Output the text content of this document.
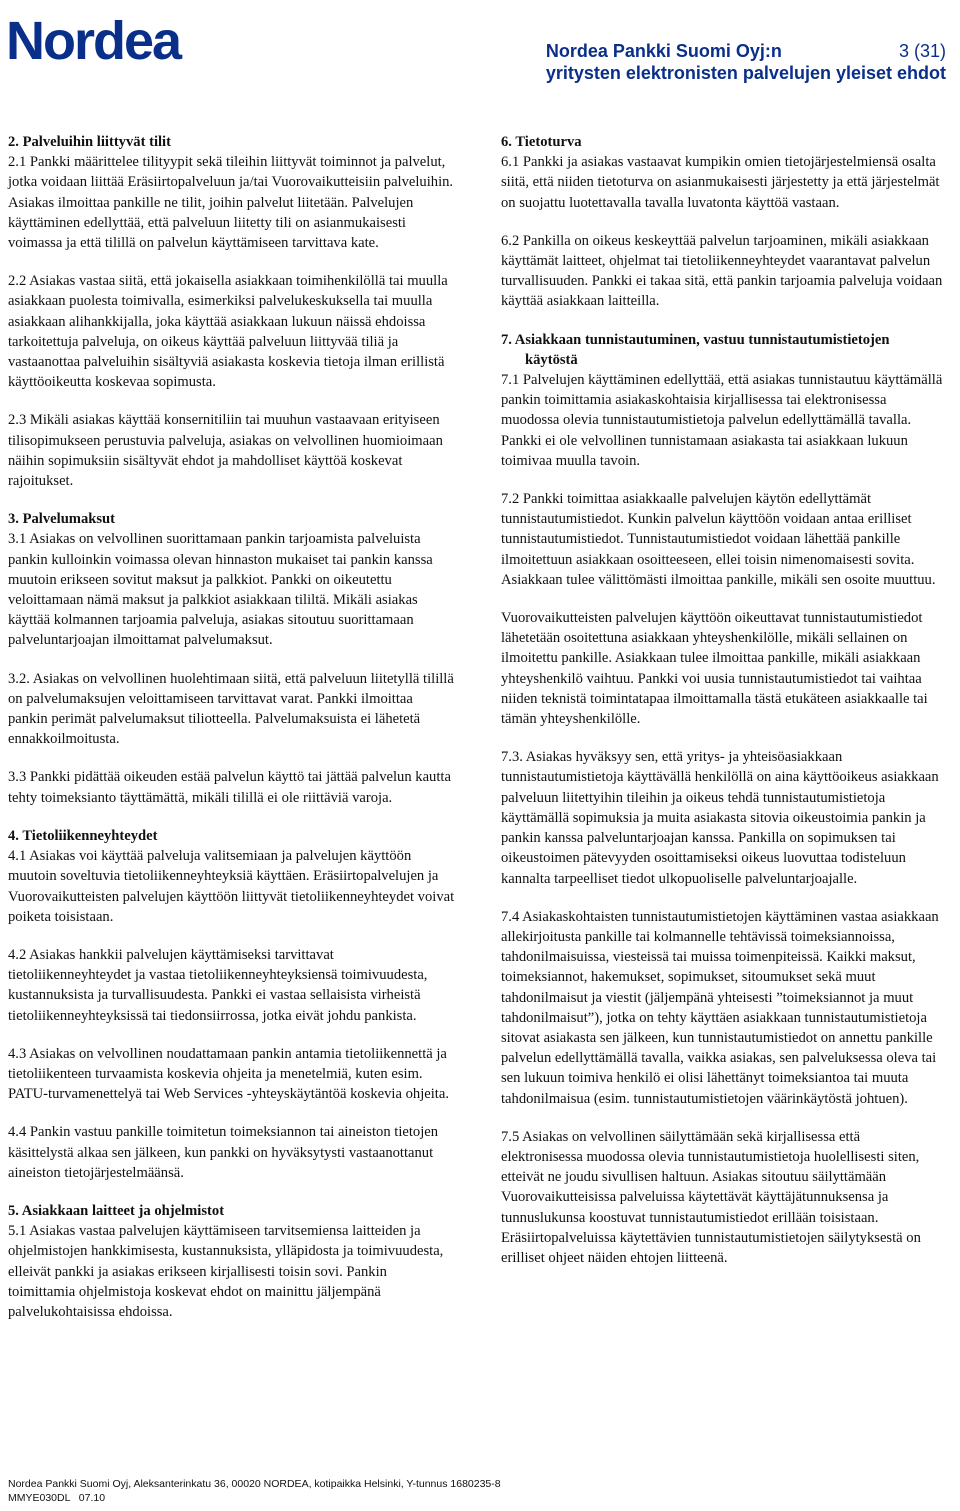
Nordea	Nordea Pankki Suomi Oyj:n	3 (31)
yritysten elektronisten palvelujen yleiset ehdot
2. Palveluihin liittyvät tilit

2.1 Pankki määrittelee tilityypit sekä tileihin liittyvät toiminnot ja palvelut, jotka voidaan liittää Eräsiirtopalveluun ja/tai Vuorovaikutteisiin palveluihin. Asiakas ilmoittaa pankille ne tilit, joihin palvelut liitetään. Palvelujen käyttäminen edellyttää, että palveluun liitetty tili on asianmukaisesti voimassa ja että tilillä on palvelun käyttämiseen tarvittava kate.

2.2 Asiakas vastaa siitä, että jokaisella asiakkaan toimihenkilöllä tai muulla asiakkaan puolesta toimivalla, esimerkiksi palvelukeskuksella tai muulla asiakkaan alihankkijalla, joka käyttää asiakkaan lukuun näissä ehdoissa tarkoitettuja palveluja, on oikeus käyttää palveluun liittyvää tiliä ja vastaanottaa palveluihin sisältyviä asiakasta koskevia tietoja ilman erillistä käyttöoikeutta koskevaa sopimusta.

2.3 Mikäli asiakas käyttää konsernitiliin tai muuhun vastaavaan erityiseen tilisopimukseen perustuvia palveluja, asiakas on velvollinen huomioimaan näihin sopimuksiin sisältyvät ehdot ja mahdolliset käyttöä koskevat rajoitukset.

3. Palvelumaksut

3.1 Asiakas on velvollinen suorittamaan pankin tarjoamista palveluista pankin kulloinkin voimassa olevan hinnaston mukaiset tai pankin kanssa muutoin erikseen sovitut maksut ja palkkiot. Pankki on oikeutettu veloittamaan nämä maksut ja palkkiot asiakkaan tililtä. Mikäli asiakas käyttää kolmannen tarjoamia palveluja, asiakas sitoutuu suorittamaan palveluntarjoajan ilmoittamat palvelumaksut.

3.2. Asiakas on velvollinen huolehtimaan siitä, että palveluun liitetyllä tilillä on palvelumaksujen veloittamiseen tarvittavat varat. Pankki ilmoittaa pankin perimät palvelumaksut tiliotteella. Palvelumaksuista ei lähetetä ennakkoilmoitusta.

3.3 Pankki pidättää oikeuden estää palvelun käyttö tai jättää palvelun kautta tehty toimeksianto täyttämättä, mikäli tilillä ei ole riittäviä varoja.

4. Tietoliikenneyhteydet

4.1 Asiakas voi käyttää palveluja valitsemiaan ja palvelujen käyttöön muutoin soveltuvia tietoliikenneyhteyksiä käyttäen. Eräsiirtopalvelujen ja Vuorovaikutteisten palvelujen käyttöön liittyvät tietoliikenneyhteydet voivat poiketa toisistaan.

4.2 Asiakas hankkii palvelujen käyttämiseksi tarvittavat tietoliikenneyhteydet ja vastaa tietoliikenneyhteyksiensä toimivuudesta, kustannuksista ja turvallisuudesta. Pankki ei vastaa sellaisista virheistä tietoliikenneyhteyksissä tai tiedonsiirrossa, jotka eivät johdu pankista.

4.3 Asiakas on velvollinen noudattamaan pankin antamia tietoliikennettä ja tietoliikenteen turvaamista koskevia ohjeita ja menetelmiä, kuten esim. PATU-turvamenettelyä tai Web Services -yhteyskäytäntöä koskevia ohjeita.

4.4 Pankin vastuu pankille toimitetun toimeksiannon tai aineiston tietojen käsittelystä alkaa sen jälkeen, kun pankki on hyväksytysti vastaanottanut aineiston tietojärjestelmäänsä.

5. Asiakkaan laitteet ja ohjelmistot

5.1 Asiakas vastaa palvelujen käyttämiseen tarvitsemiensa laitteiden ja ohjelmistojen hankkimisesta, kustannuksista, ylläpidosta ja toimivuudesta, elleivät pankki ja asiakas erikseen kirjallisesti toisin sovi. Pankin toimittamia ohjelmistoja koskevat ehdot on mainittu jäljempänä palvelukohtaisissa ehdoissa.

6. Tietoturva

6.1 Pankki ja asiakas vastaavat kumpikin omien tietojärjestelmiensä osalta siitä, että niiden tietoturva on asianmukaisesti järjestetty ja että järjestelmät on suojattu luotettavalla tavalla luvatonta käyttöä vastaan.

6.2 Pankilla on oikeus keskeyttää palvelun tarjoaminen, mikäli asiakkaan käyttämät laitteet, ohjelmat tai tietoliikenneyhteydet vaarantavat palvelun turvallisuuden. Pankki ei takaa sitä, että pankin tarjoamia palveluja voidaan käyttää asiakkaan laitteilla.

7. Asiakkaan tunnistautuminen, vastuu tunnistautumistietojen käytöstä

7.1 Palvelujen käyttäminen edellyttää, että asiakas tunnistautuu käyttämällä pankin toimittamia asiakaskohtaisia kirjallisessa tai elektronisessa muodossa olevia tunnistautumistietoja palvelun edellyttämällä tavalla. Pankki ei ole velvollinen tunnistamaan asiakasta tai asiakkaan lukuun toimivaa muulla tavoin.

7.2 Pankki toimittaa asiakkaalle palvelujen käytön edellyttämät tunnistautumistiedot. Kunkin palvelun käyttöön voidaan antaa erilliset tunnistautumistiedot. Tunnistautumistiedot voidaan lähettää pankille ilmoitettuun asiakkaan osoitteeseen, ellei toisin nimenomaisesti sovita. Asiakkaan tulee välittömästi ilmoittaa pankille, mikäli sen osoite muuttuu.

Vuorovaikutteisten palvelujen käyttöön oikeuttavat tunnistautumistiedot lähetetään osoitettuna asiakkaan yhteyshenkilölle, mikäli sellainen on ilmoitettu pankille. Asiakkaan tulee ilmoittaa pankille, mikäli asiakkaan yhteyshenkilö vaihtuu. Pankki voi uusia tunnistautumistiedot tai vaihtaa niiden teknistä toimintatapaa ilmoittamalla tästä etukäteen asiakkaalle tai tämän yhteyshenkilölle.

7.3. Asiakas hyväksyy sen, että yritys- ja yhteisöasiakkaan tunnistautumistietoja käyttävällä henkilöllä on aina käyttöoikeus asiakkaan palveluun liitettyihin tileihin ja oikeus tehdä tunnistautumistietoja käyttämällä sopimuksia ja muita asiakasta sitovia oikeustoimia pankin ja pankin kanssa palveluntarjoajan kanssa. Pankilla on sopimuksen tai oikeustoimen pätevyyden osoittamiseksi oikeus luovuttaa todisteluun kannalta tarpeelliset tiedot ulkopuoliselle palveluntarjoajalle.

7.4 Asiakaskohtaisten tunnistautumistietojen käyttäminen vastaa asiakkaan allekirjoitusta pankille tai kolmannelle tehtävissä toimeksiannoissa, tahdonilmaisuissa, viesteissä tai muissa toimenpiteissä. Kaikki maksut, toimeksiannot, hakemukset, sopimukset, sitoumukset sekä muut tahdonilmaisut ja viestit (jäljempänä yhteisesti ”toimeksiannot ja muut tahdonilmaisut”), jotka on tehty käyttäen asiakkaan tunnistautumistietoja sitovat asiakasta sen jälkeen, kun tunnistautumistiedot on annettu pankille palvelun edellyttämällä tavalla, vaikka asiakas, sen palveluksessa oleva tai sen lukuun toimiva henkilö ei olisi lähettänyt toimeksiantoa tai muuta tahdonilmaisua (esim. tunnistautumistietojen väärinkäytöstä johtuen).

7.5 Asiakas on velvollinen säilyttämään sekä kirjallisessa että elektronisessa muodossa olevia tunnistautumistietoja huolellisesti siten, etteivät ne joudu sivullisen haltuun. Asiakas sitoutuu säilyttämään Vuorovaikutteisissa palveluissa käytettävät käyttäjätunnuksensa ja tunnuslukunsa koostuvat tunnistautumistiedot erillään toisistaan. Eräsiirtopalveluissa käytettävien tunnistautumistietojen säilytyksestä on erilliset ohjeet näiden ehtojen liitteenä.

Nordea Pankki Suomi Oyj, Aleksanterinkatu 36, 00020 NORDEA, kotipaikka Helsinki, Y-tunnus 1680235-8
MMYE030DL   07.10
